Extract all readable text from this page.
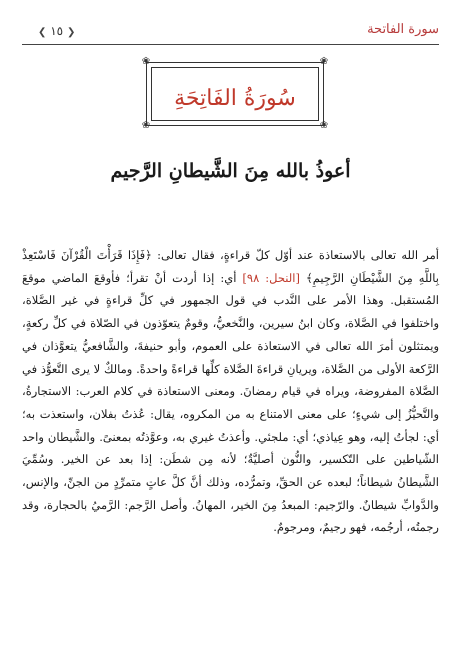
❮ ١٥ ❯	سورة الفاتحة
سُورَةُ الفَاتِحَةِ
❀	❀
❀	❀
أعوذُ بالله مِنَ الشَّيطانِ الرَّجيم

أمر الله تعالى بالاستعاذة عند أوّل كلّ قراءةٍ، فقال تعالى: ﴿فَإِذَا قَرَأْتَ الْقُرْآنَ فَاسْتَعِذْ بِاللَّهِ مِنَ الشَّيْطَانِ الرَّجِيمِ﴾ [النحل: ٩٨] أي: إذا أردت أنْ تقرأ؛ فأوقعَ الماضي موقعَ المُستقبل. وهذا الأمر على النَّدب في قول الجمهور في كلِّ قراءةٍ في غير الصَّلاة، واختلفوا في الصَّلاة، وكان ابنُ سيرين، والنَّخعيُّ، وقومٌ يتعوّذون في الصّلاة في كلِّ ركعةٍ، ويمتثلون أمرَ الله تعالى في الاستعاذة على العموم، وأبو حنيفةَ، والشَّافعيُّ يتعوَّذان في الرَّكعة الأولى من الصَّلاة، ويريانِ قراءةَ الصَّلاة كلِّها قراءةً واحدةً. ومالكٌ لا يرى التَّعوُّذ في الصَّلاة المفروضة، ويراه في قيام رمضانَ. ومعنى الاستعاذة في كلام العرب: الاستجارةُ، والتَّحيُّزُ إلى شيءٍ؛ على معنى الامتناع به من المكروه، يقال: عُذتُ بفلان، واستعذت به؛ أي: لجأتُ إليه، وهو عِياذي؛ أي: ملجئي. وأعذتُ غيري به، وعوَّذتُه بمعنىً. والشَّيطان واحد الشّياطين على التّكسير، والنُّون أصليَّةٌ؛ لأنه مِن شطَن: إذا بعد عن الخير. وسُمِّيَ الشَّيطانُ شيطاناً؛ لبعده عن الحقِّ، وتمرُّده، وذلك أنَّ كلَّ عاتٍ متمرِّدٍ من الجنِّ، والإنس، والدَّوابِّ شيطانٌ. والرّجيم: المبعدُ مِنَ الخير، المهانُ. وأصل الرَّجم: الرَّميُ بالحجارة، وقد رجمتُه، أرجُمه، فهو رجيمٌ، ومرجومٌ.
